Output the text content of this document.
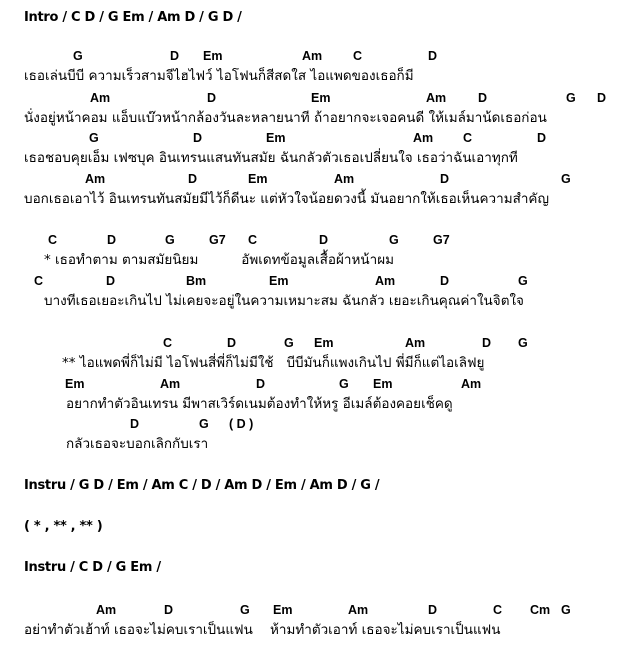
Intro / C D / G Em / Am D / G D /
G	D Em	Am C	D
เธอเล่นบีบี ความเร็วสามจีไฮไฟว์ ไอโฟนก็สีสดใส ไอแพดของเธอก็มี
Am	D	Em	Am	D	G D
นั่งอยู่หน้าคอม แอ็บแบ๊วหน้ากล้องวันละหลายนาที ถ้าอยากจะเจอคนดี ให้เมล์มาน้ดเธอก่อน
G	D	Em	Am C	D
เธอชอบคุยเอ็ม เฟซบุค อินเทรนแสนทันสมัย ฉันกลัวตัวเธอเปลี่ยนใจ เธอว่าฉันเอาทุกที
Am	D	Em	Am	D	G
บอกเธอเอาไว้ อินเทรนทันสมัยมีไว้ก็ดีนะ แต่หัวใจน้อยดวงนี้ มันอยากให้เธอเห็นความสำคัญ
C	D	G	G7 C	D	G	G7
* เธอทำตาม ตามสมัยนิยม          อัพเดทข้อมูลเสื้อผ้าหน้าผม
C	D	Bm	Em	Am	D	G
บางทีเธอเยอะเกินไป ไม่เคยจะอยู่ในความเหมาะสม ฉันกลัว เยอะเกินคุณค่าในจิตใจ
C	D	G Em	Am	D G
** ไอแพดพี่ก็ไม่มี ไอโฟนสี่พี่ก็ไม่มีใช้   บีบีมันก็แพงเกินไป พี่มีก็แต่ไอเลิฟยู
Em	Am	D	G Em	Am
อยากทำตัวอินเทรน มีพาสเวิร์ดเนมต้องทำให้หรู อีเมล์ต้องคอยเช็คดู
D	G ( D )
กลัวเธอจะบอกเลิกกับเรา
Instru / G D / Em / Am C / D / Am D / Em / Am D / G /
( * , ** , ** )
Instru / C D / G Em /
Am	D	G Em	Am	D	C Cm G
อย่าทำตัวเฮ้าท์ เธอจะไม่คบเราเป็นแฟน    ห้ามทำตัวเอาท์ เธอจะไม่คบเราเป็นแฟน
